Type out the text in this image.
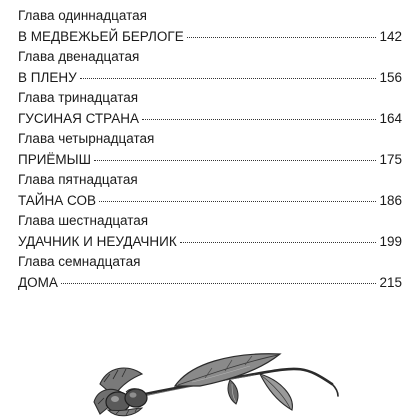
Глава одиннадцатая
В МЕДВЕЖЬЕЙ БЕРЛОГЕ	142
Глава двенадцатая
В ПЛЕНУ	156
Глава тринадцатая
ГУСИНАЯ СТРАНА	164
Глава четырнадцатая
ПРИЁМЫШ	175
Глава пятнадцатая
ТАЙНА СОВ	186
Глава шестнадцатая
УДАЧНИК И НЕУДАЧНИК	199
Глава семнадцатая
ДОМА	215
